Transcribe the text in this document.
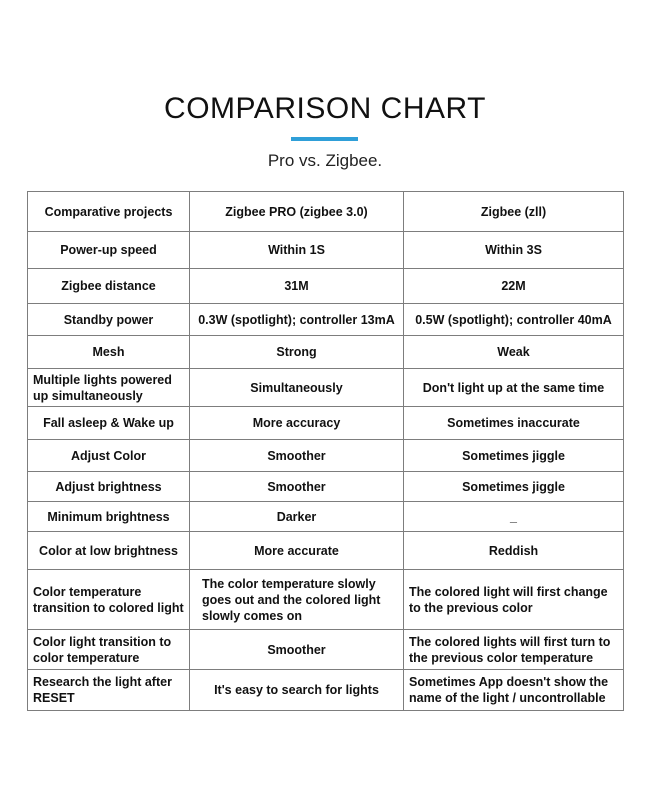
COMPARISON CHART
Pro vs. Zigbee.
Comparative projects	Zigbee PRO (zigbee 3.0)	Zigbee (zll)
Power-up speed	Within 1S	Within 3S
Zigbee distance	31M	22M
Standby power	0.3W (spotlight); controller 13mA	0.5W (spotlight); controller 40mA
Mesh	Strong	Weak
Multiple lights powered up simultaneously	Simultaneously	Don't light up at the same time
Fall asleep & Wake up	More accuracy	Sometimes inaccurate
Adjust Color	Smoother	Sometimes jiggle
Adjust brightness	Smoother	Sometimes jiggle
Minimum brightness	Darker	_
Color at low brightness	More accurate	Reddish
Color temperature transition to colored light	The color temperature slowly goes out and the colored light slowly comes on	The colored light will first change to the previous color
Color light transition to color temperature	Smoother	The colored lights will first turn to the previous color temperature
Research the light after RESET	It's easy to search for lights	Sometimes App doesn't show the name of the light / uncontrollable
